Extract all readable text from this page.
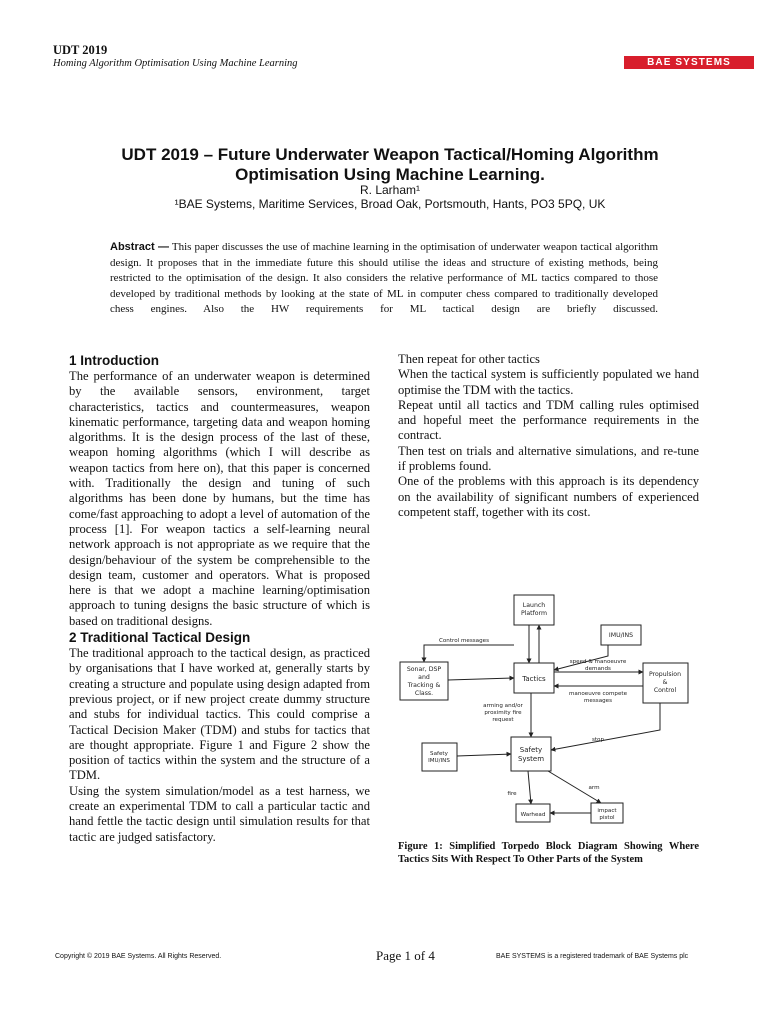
UDT 2019
Homing Algorithm Optimisation Using Machine Learning	BAE SYSTEMS
UDT 2019 – Future Underwater Weapon Tactical/Homing Algorithm
Optimisation Using Machine Learning.
R. Larham¹
¹BAE Systems, Maritime Services, Broad Oak, Portsmouth, Hants, PO3 5PQ, UK

Abstract — This paper discusses the use of machine learning in the optimisation of underwater weapon tactical algorithm design. It proposes that in the immediate future this should utilise the ideas and structure of existing methods, being restricted to the optimisation of the design. It also considers the relative performance of ML tactics compared to those developed by traditional methods by looking at the state of ML in computer chess compared to traditionally developed chess engines. Also the HW requirements for ML tactical design are briefly discussed.

1 Introduction

The performance of an underwater weapon is determined by the available sensors, environment, target characteristics, tactics and countermeasures, weapon kinematic performance, targeting data and weapon homing algorithms. It is the design process of the last of these, weapon homing algorithms (which I will describe as weapon tactics from here on), that this paper is concerned with. Traditionally the design and tuning of such algorithms has been done by humans, but the time has come/fast approaching to adopt a level of automation of the process [1]. For weapon tactics a self-learning neural network approach is not appropriate as we require that the design/behaviour of the system be comprehensible to the design team, customer and operators. What is proposed here is that we adopt a machine learning/optimisation approach to tuning designs the basic structure of which is based on traditional designs.

2 Traditional Tactical Design

The traditional approach to the tactical design, as practiced by organisations that I have worked at, generally starts by creating a structure and populate using design adapted from previous project, or if new project create dummy structure and stubs for individual tactics. This could comprise a Tactical Decision Maker (TDM) and stubs for tactics that are thought appropriate. Figure 1 and Figure 2 show the position of tactics within the system and the structure of a TDM.

Using the system simulation/model as a test harness, we create an experimental TDM to call a particular tactic and hand fettle the tactic design until simulation results for that tactic are judged satisfactory.

Then repeat for other tactics

When the tactical system is sufficiently populated we hand optimise the TDM with the tactics.

Repeat until all tactics and TDM calling rules optimised and hopeful meet the performance requirements in the contract.

Then test on trials and alternative simulations, and re-tune if problems found.

One of the problems with this approach is its dependency on the availability of significant numbers of experienced competent staff, together with its cost.

Launch
Platform
IMU/INS
Control messages
Sonar, DSP
and
Tracking &
Class.
Tactics
speed & manoeuvre
demands
Propulsion
&
Control
manoeuvre compete
messages
arming and/or
proximity fire
request
stop
Safety
IMU/INS
Safety
System
arm
fire
Warhead
impact
pistol

Figure 1: Simplified Torpedo Block Diagram Showing Where Tactics Sits With Respect To Other Parts of the System

Copyright © 2019 BAE Systems. All Rights Reserved.	Page 1 of 4	BAE SYSTEMS is a registered trademark of BAE Systems plc
